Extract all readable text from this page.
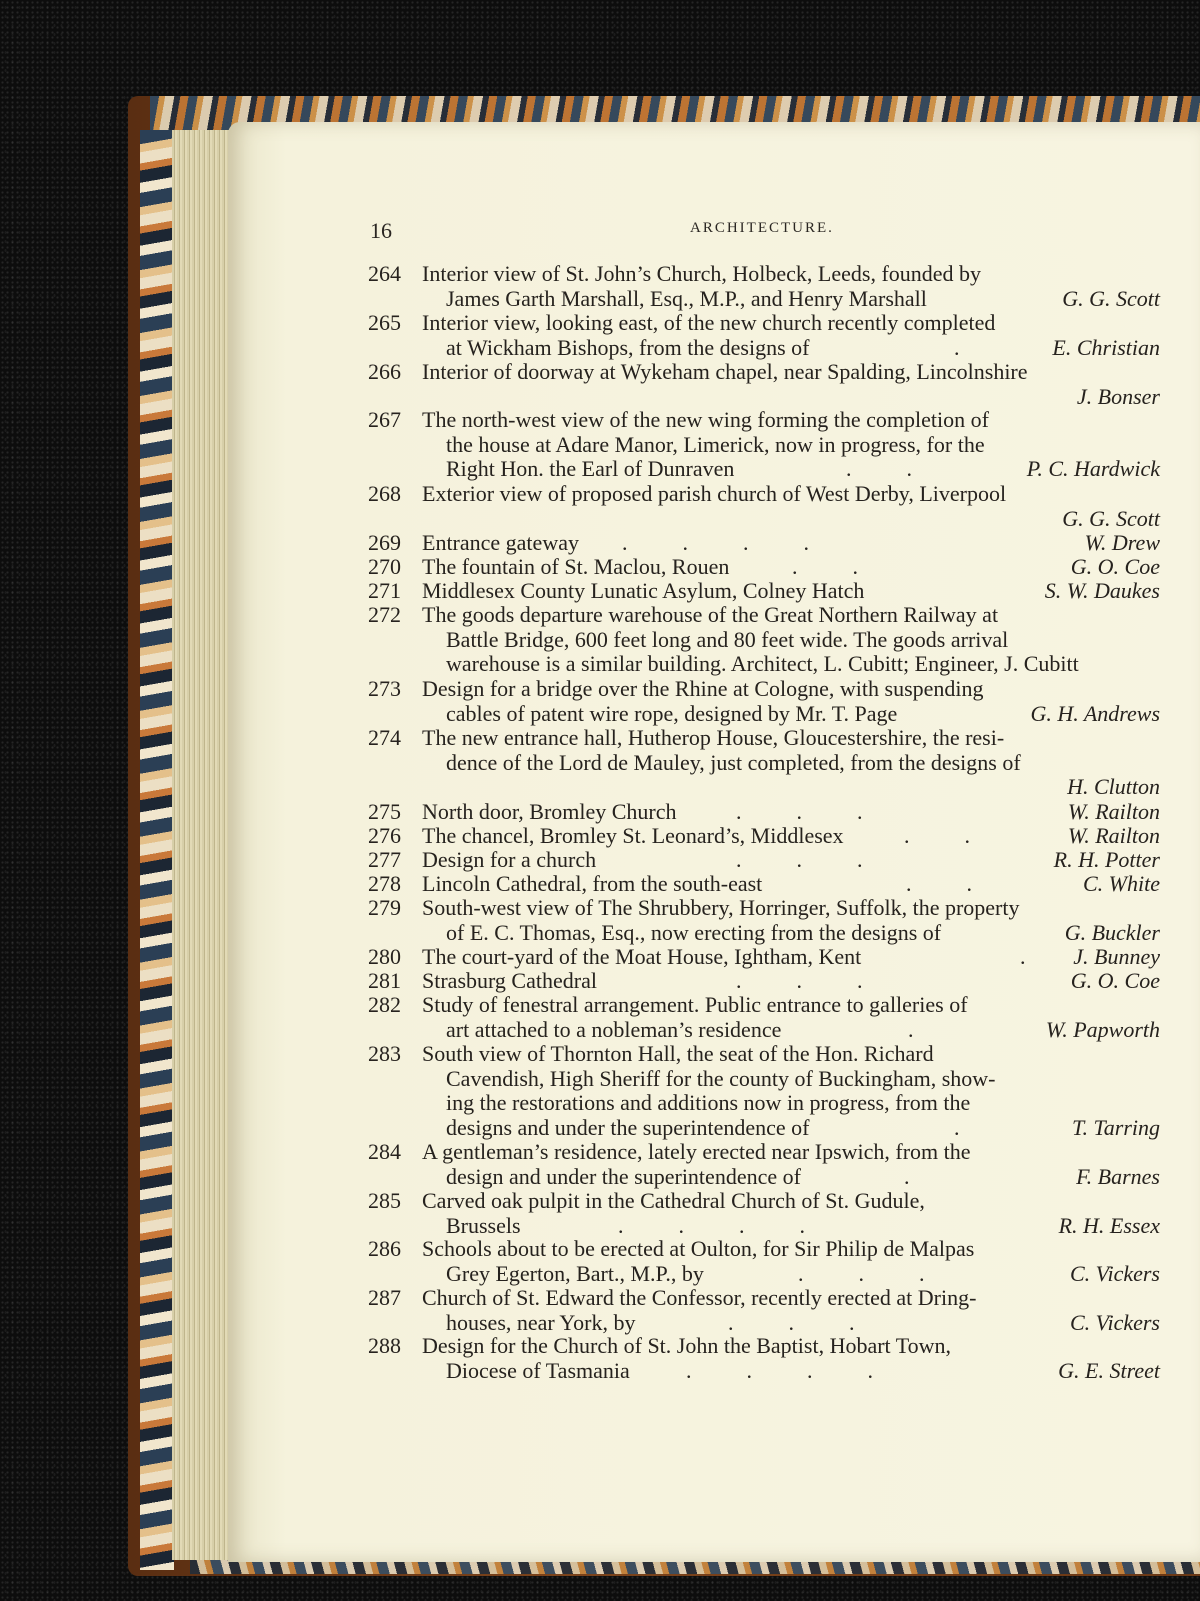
16	ARCHITECTURE.
264 Interior view of St. John’s Church, Holbeck, Leeds, founded by
James Garth Marshall, Esq., M.P., and Henry Marshall	G. G. Scott
265 Interior view, looking east, of the new church recently completed
at Wickham Bishops, from the designs of	.	E. Christian
266 Interior of doorway at Wykeham chapel, near Spalding, Lincolnshire
J. Bonser
267 The north-west view of the new wing forming the completion of
the house at Adare Manor, Limerick, now in progress, for the
Right Hon. the Earl of Dunraven	.          .	P. C. Hardwick
268 Exterior view of proposed parish church of West Derby, Liverpool
G. G. Scott
269 Entrance gateway .          .          .          .	W. Drew
270 The fountain of St. Maclou, Rouen	.          .	G. O. Coe
271 Middlesex County Lunatic Asylum, Colney Hatch	S. W. Daukes
272 The goods departure warehouse of the Great Northern Railway at
Battle Bridge, 600 feet long and 80 feet wide. The goods arrival
warehouse is a similar building. Architect, L. Cubitt; Engineer, J. Cubitt
273 Design for a bridge over the Rhine at Cologne, with suspending
cables of patent wire rope, designed by Mr. T. Page	G. H. Andrews
274 The new entrance hall, Hutherop House, Gloucestershire, the resi-
dence of the Lord de Mauley, just completed, from the designs of
H. Clutton
275 North door, Bromley Church	.          .          .	W. Railton
276 The chancel, Bromley St. Leonard’s, Middlesex	.          .	W. Railton
277 Design for a church	.          .          .	R. H. Potter
278 Lincoln Cathedral, from the south-east	.          .	C. White
279 South-west view of The Shrubbery, Horringer, Suffolk, the property
of E. C. Thomas, Esq., now erecting from the designs of	G. Buckler
280 The court-yard of the Moat House, Ightham, Kent	. J. Bunney
281 Strasburg Cathedral	.          .          .	G. O. Coe
282 Study of fenestral arrangement. Public entrance to galleries of
art attached to a nobleman’s residence	.	W. Papworth
283 South view of Thornton Hall, the seat of the Hon. Richard
Cavendish, High Sheriff for the county of Buckingham, show-
ing the restorations and additions now in progress, from the
designs and under the superintendence of	.	T. Tarring
284 A gentleman’s residence, lately erected near Ipswich, from the
design and under the superintendence of	.	F. Barnes
285 Carved oak pulpit in the Cathedral Church of St. Gudule,
Brussels	.          .          .          .	R. H. Essex
286 Schools about to be erected at Oulton, for Sir Philip de Malpas
Grey Egerton, Bart., M.P., by	.          .          .	C. Vickers
287 Church of St. Edward the Confessor, recently erected at Dring-
houses, near York, by	.          .          .	C. Vickers
288 Design for the Church of St. John the Baptist, Hobart Town,
Diocese of Tasmania	.          .          .          .	G. E. Street
